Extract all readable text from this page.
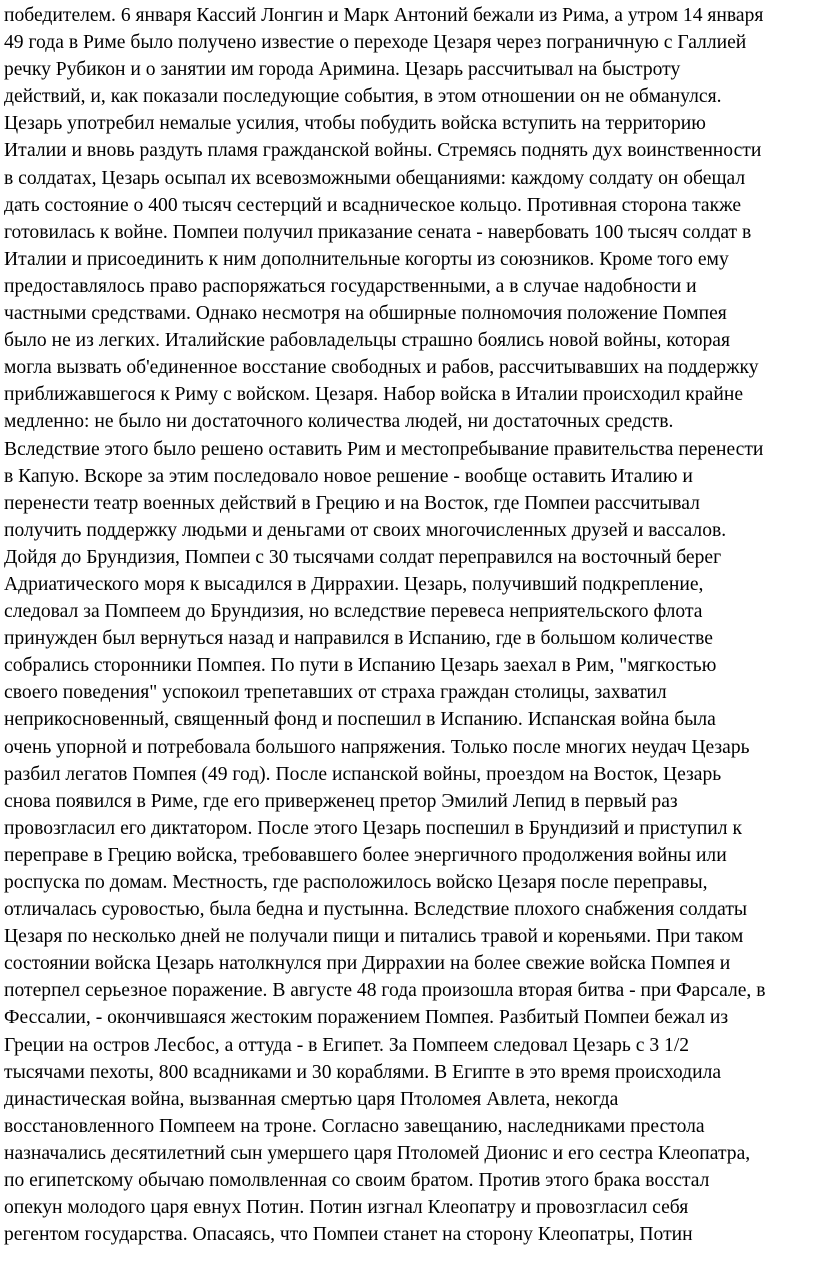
победителем. 6 января Кассий Лонгин и Марк Антоний бежали из Рима, а утром 14 января
49 года в Риме было получено известие о переходе Цезаря через пограничную с Галлией
речку Рубикон и о занятии им города Аримина. Цезарь рассчитывал на быстроту
действий, и, как показали последующие события, в этом отношении он не обманулся.
Цезарь употребил немалые усилия, чтобы побудить войска вступить на территорию
Италии и вновь раздуть пламя гражданской войны. Стремясь поднять дух воинственности
в солдатах, Цезарь осыпал их всевозможными обещаниями: каждому солдату он обещал
дать состояние о 400 тысяч сестерций и всадническое кольцо. Противная сторона также
готовилась к войне. Помпеи получил приказание сената - навербовать 100 тысяч солдат в
Италии и присоединить к ним дополнительные когорты из союзников. Кроме того ему
предоставлялось право распоряжаться государственными, а в случае надобности и
частными средствами. Однако несмотря на обширные полномочия положение Помпея
было не из легких. Италийские рабовладельцы страшно боялись новой войны, которая
могла вызвать об'единенное восстание свободных и рабов, рассчитывавших на поддержку
приближавшегося к Риму с войском. Цезаря. Набор войска в Италии происходил крайне
медленно: не было ни достаточного количества людей, ни достаточных средств.
Вследствие этого было решено оставить Рим и местопребывание правительства перенести
в Капую. Вскоре за этим последовало новое решение - вообще оставить Италию и
перенести театр военных действий в Грецию и на Восток, где Помпеи рассчитывал
получить поддержку людьми и деньгами от своих многочисленных друзей и вассалов.
Дойдя до Брундизия, Помпеи с 30 тысячами солдат переправился на восточный берег
Адриатического моря к высадился в Диррахии. Цезарь, получивший подкрепление,
следовал за Помпеем до Брундизия, но вследствие перевеса неприятельского флота
принужден был вернуться назад и направился в Испанию, где в большом количестве
собрались сторонники Помпея. По пути в Испанию Цезарь заехал в Рим, "мягкостью
своего поведения" успокоил трепетавших от страха граждан столицы, захватил
неприкосновенный, священный фонд и поспешил в Испанию. Испанская война была
очень упорной и потребовала большого напряжения. Только после многих неудач Цезарь
разбил легатов Помпея (49 год). После испанской войны, проездом на Восток, Цезарь
снова появился в Риме, где его приверженец претор Эмилий Лепид в первый раз
провозгласил его диктатором. После этого Цезарь поспешил в Брундизий и приступил к
переправе в Грецию войска, требовавшего более энергичного продолжения войны или
роспуска по домам. Местность, где расположилось войско Цезаря после переправы,
отличалась суровостью, была бедна и пустынна. Вследствие плохого снабжения солдаты
Цезаря по несколько дней не получали пищи и питались травой и кореньями. При таком
состоянии войска Цезарь натолкнулся при Диррахии на более свежие войска Помпея и
потерпел серьезное поражение. В августе 48 года произошла вторая битва - при Фарсале, в
Фессалии, - окончившаяся жестоким поражением Помпея. Разбитый Помпеи бежал из
Греции на остров Лесбос, а оттуда - в Египет. За Помпеем следовал Цезарь с 3 1/2
тысячами пехоты, 800 всадниками и 30 кораблями. В Египте в это время происходила
династическая война, вызванная смертью царя Птоломея Авлета, некогда
восстановленного Помпеем на троне. Согласно завещанию, наследниками престола
назначались десятилетний сын умершего царя Птоломей Дионис и его сестра Клеопатра,
по египетскому обычаю помолвленная со своим братом. Против этого брака восстал
опекун молодого царя евнух Потин. Потин изгнал Клеопатру и провозгласил себя
регентом государства. Опасаясь, что Помпеи станет на сторону Клеопатры, Потин
